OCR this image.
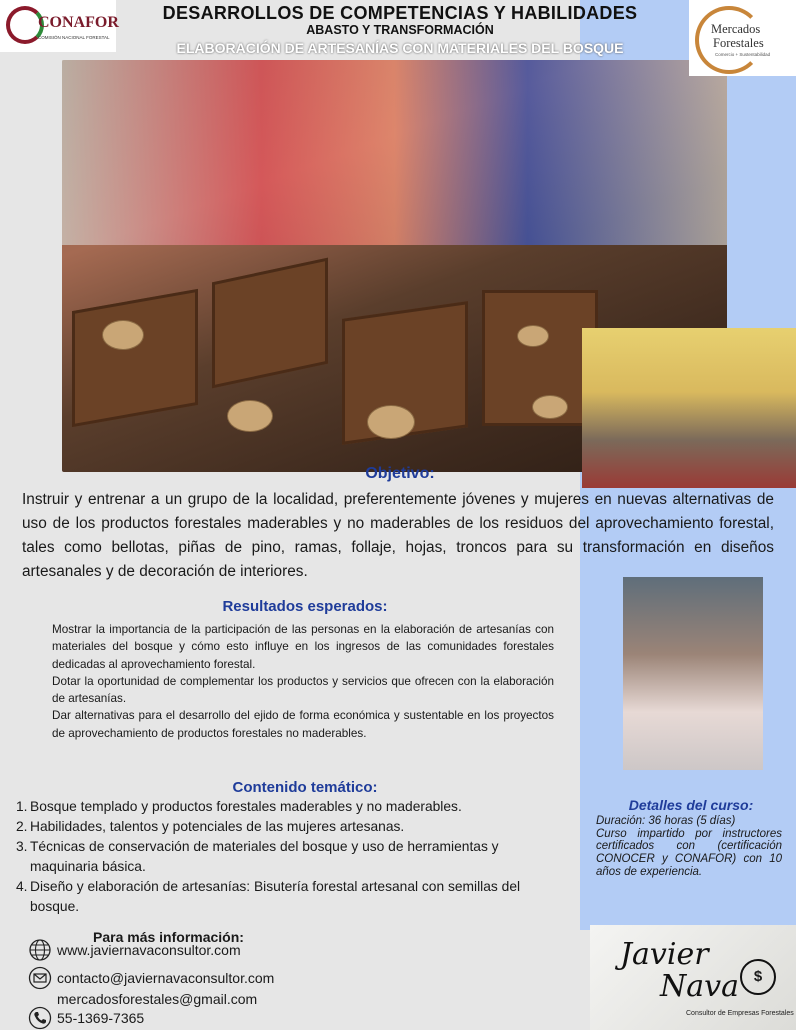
CONAFOR
COMISIÓN NACIONAL FORESTAL
Mercados
Forestales
Comercio + Sustentabilidad
DESARROLLOS DE COMPETENCIAS Y HABILIDADES
ABASTO Y TRANSFORMACIÓN
ELABORACIÓN DE ARTESANÍAS CON MATERIALES DEL BOSQUE
Objetivo:
Instruir y entrenar a un grupo de la localidad, preferentemente jóvenes y mujeres en nuevas alternativas de uso de los productos forestales maderables y no maderables de los residuos del aprovechamiento forestal, tales como bellotas, piñas de pino, ramas, follaje, hojas, troncos para su transformación en diseños artesanales y de decoración de interiores.
Resultados esperados:
Mostrar la importancia de la participación de las personas en la elaboración de artesanías con materiales del bosque y cómo esto influye en los ingresos de las comunidades forestales dedicadas al aprovechamiento forestal.
Dotar la oportunidad de complementar los productos y servicios que ofrecen con la elaboración de artesanías.
Dar alternativas para el desarrollo del ejido de forma económica y sustentable en los proyectos de aprovechamiento de productos forestales no maderables.
Contenido temático:
1. Bosque templado y productos forestales maderables y no maderables.
2. Habilidades, talentos y potenciales de las mujeres artesanas.
3. Técnicas de conservación de materiales del bosque y uso de herramientas y maquinaria básica.
4. Diseño y elaboración de artesanías: Bisutería forestal artesanal con semillas del bosque.
Detalles del curso:
Duración: 36 horas (5 días)
Curso impartido por instructores certificados con (certificación CONOCER y CONAFOR) con 10 años de experiencia.
Para más información:
www.javiernavaconsultor.com
contacto@javiernavaconsultor.com
mercadosforestales@gmail.com
55-1369-7365
Javier
Nava $
Consultor de Empresas Forestales
